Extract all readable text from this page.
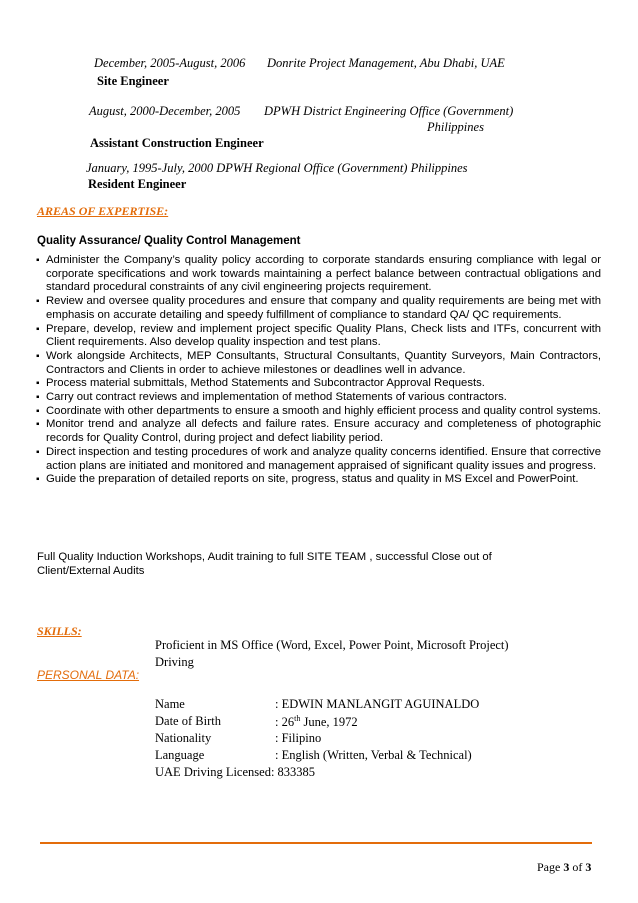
December, 2005-August, 2006 Donrite Project Management, Abu Dhabi, UAE
Site Engineer
August, 2000-December, 2005 DPWH District Engineering Office (Government)
Philippines
Assistant Construction Engineer
January, 1995-July, 2000 DPWH Regional Office (Government) Philippines
Resident Engineer
AREAS OF EXPERTISE:
Quality Assurance/ Quality Control Management
▪ Administer the Company’s quality policy according to corporate standards ensuring compliance with legal or corporate specifications and work towards maintaining a perfect balance between contractual obligations and standard procedural constraints of any civil engineering projects requirement.
▪ Review and oversee quality procedures and ensure that company and quality requirements are being met with emphasis on accurate detailing and speedy fulfillment of compliance to standard QA/ QC requirements.
▪ Prepare, develop, review and implement project specific Quality Plans, Check lists and ITFs, concurrent with Client requirements. Also develop quality inspection and test plans.
▪ Work alongside Architects, MEP Consultants, Structural Consultants, Quantity Surveyors, Main Contractors, Contractors and Clients in order to achieve milestones or deadlines well in advance.
▪ Process material submittals, Method Statements and Subcontractor Approval Requests.
▪ Carry out contract reviews and implementation of method Statements of various contractors.
▪ Coordinate with other departments to ensure a smooth and highly efficient process and quality control systems.
▪ Monitor trend and analyze all defects and failure rates. Ensure accuracy and completeness of photographic records for Quality Control, during project and defect liability period.
▪ Direct inspection and testing procedures of work and analyze quality concerns identified. Ensure that corrective action plans are initiated and monitored and management appraised of significant quality issues and progress.
▪ Guide the preparation of detailed reports on site, progress, status and quality in MS Excel and PowerPoint.
Full Quality Induction Workshops, Audit training to full SITE TEAM , successful Close out of
Client/External Audits
SKILLS:
Proficient in MS Office (Word, Excel, Power Point, Microsoft Project)
Driving
PERSONAL DATA:
Name	: EDWIN MANLANGIT AGUINALDO
Date of Birth	: 26th June, 1972
Nationality	: Filipino
Language	: English (Written, Verbal & Technical)
UAE Driving Licensed: 833385
Page 3 of 3
